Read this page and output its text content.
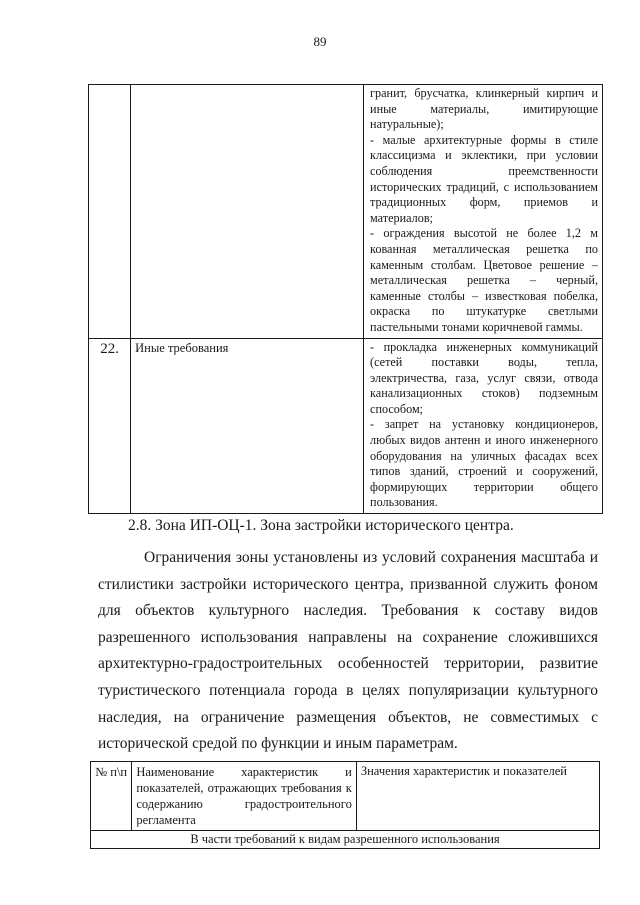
89

		гранит, брусчатка, клинкерный кирпич и иные материалы, имитирующие натуральные);

- малые архитектурные формы в стиле классицизма и эклектики, при условии соблюдения преемственности исторических традиций, с использованием традиционных форм, приемов и материалов;

- ограждения высотой не более 1,2 м кованная металлическая решетка по каменным столбам. Цветовое решение – металлическая решетка – черный, каменные столбы – известковая побелка, окраска по штукатурке светлыми пастельными тонами коричневой гаммы.

22.	Иные требования	- прокладка инженерных коммуникаций (сетей поставки воды, тепла, электричества, газа, услуг связи, отвода канализационных стоков) подземным способом;

- запрет на установку кондиционеров, любых видов антенн и иного инженерного оборудования на уличных фасадах всех типов зданий, строений и сооружений, формирующих территории общего пользования.

2.8. Зона ИП-ОЦ-1. Зона застройки исторического центра.

Ограничения зоны установлены из условий сохранения масштаба и стилистики застройки исторического центра, призванной служить фоном для объектов культурного наследия. Требования к составу видов разрешенного использования направлены на сохранение сложившихся архитектурно-градостроительных особенностей территории, развитие туристического потенциала города в целях популяризации культурного наследия, на ограничение размещения объектов, не совместимых с исторической средой по функции и иным параметрам.

№ п\п	Наименование характеристик и показателей, отражающих требования к содержанию градостроительного регламента	Значения характеристик и показателей
В части требований к видам разрешенного использования
